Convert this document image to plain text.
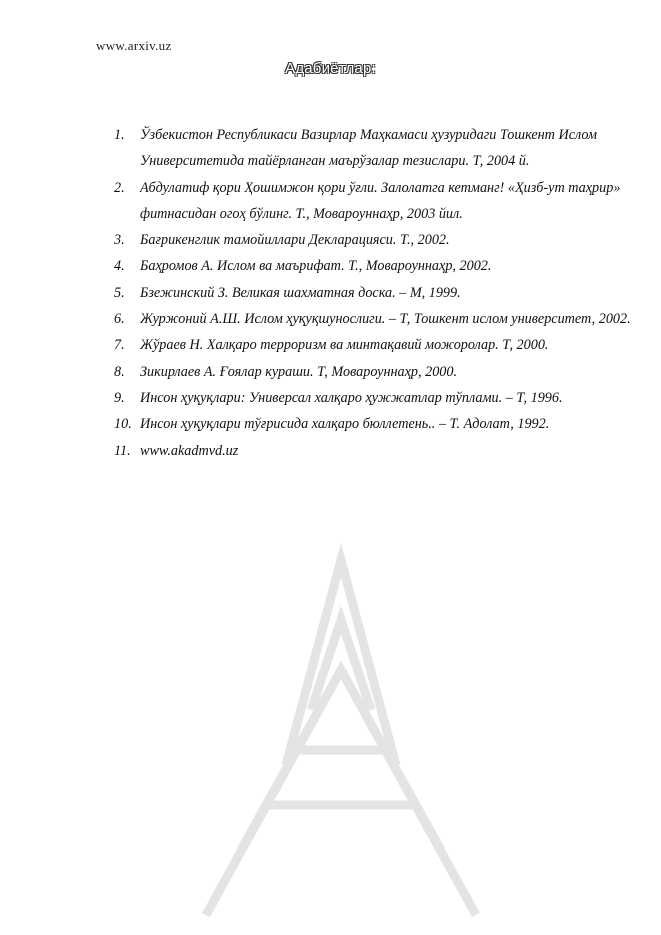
www.arxiv.uz
Адабиётлар:
1. Ўзбекистон Республикаси Вазирлар Маҳкамаси ҳузуридаги Тошкент Ислом Университетида тайёрланган маърўзалар тезислари. Т, 2004 й.
2. Абдулатиф қори Ҳошимжон қори ўғли. Залолатга кетманг! «Ҳизб-ут таҳрир» фитнасидан огоҳ бўлинг. Т., Мовароуннаҳр, 2003 йил.
3. Бағрикенглик тамойиллари Декларацияси. Т., 2002.
4. Баҳромов А. Ислом ва маърифат. Т., Мовароуннаҳр, 2002.
5. Бзежинский З. Великая шахматная доска. – М, 1999.
6. Журжоний А.Ш. Ислом ҳуқуқшунослиги. – Т, Тошкент ислом университет, 2002.
7. Жўраев Н. Халқаро терроризм ва минтақавий можоролар. Т, 2000.
8. Зикирлаев А. Ғоялар кураши. Т, Мовароуннаҳр, 2000.
9. Инсон ҳуқуқлари: Универсал халқаро ҳужжатлар тўплами. – Т, 1996.
10. Инсон ҳуқуқлари тўғрисида халқаро бюллетень.. – Т. Адолат, 1992.
11. www.akadmvd.uz
